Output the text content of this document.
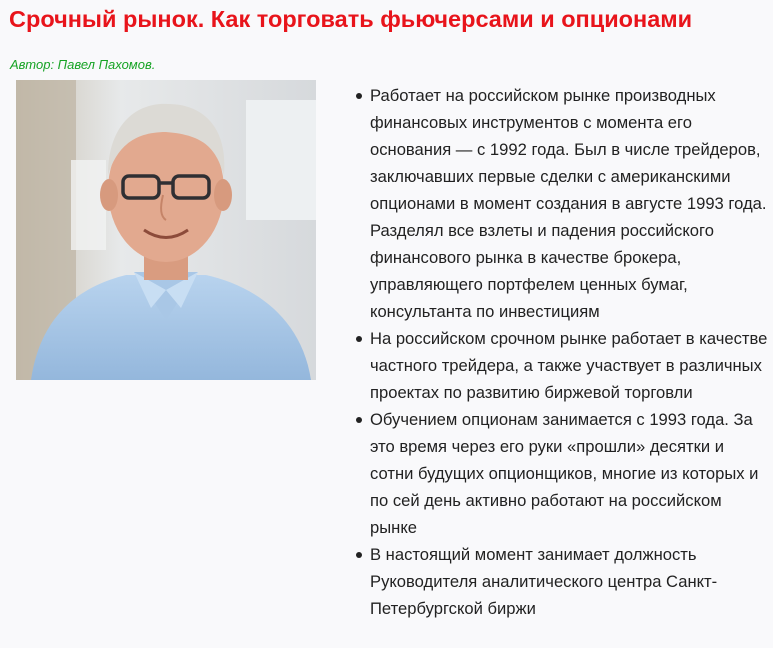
Срочный рынок. Как торговать фьючерсами и опционами
Автор: Павел Пахомов.
Работает на российском рынке производных финансовых инструментов с момента его основания — с 1992 года. Был в числе трейдеров, заключавших первые сделки с американскими опционами в момент создания в августе 1993 года. Разделял все взлеты и падения российского финансового рынка в качестве брокера, управляющего портфелем ценных бумаг, консультанта по инвестициям
На российском срочном рынке работает в качестве частного трейдера, а также участвует в различных проектах по развитию биржевой торговли
Обучением опционам занимается с 1993 года. За это время через его руки «прошли» десятки и сотни будущих опционщиков, многие из которых и по сей день активно работают на российском рынке
В настоящий момент занимает должность Руководителя аналитического центра Санкт-Петербургской биржи
